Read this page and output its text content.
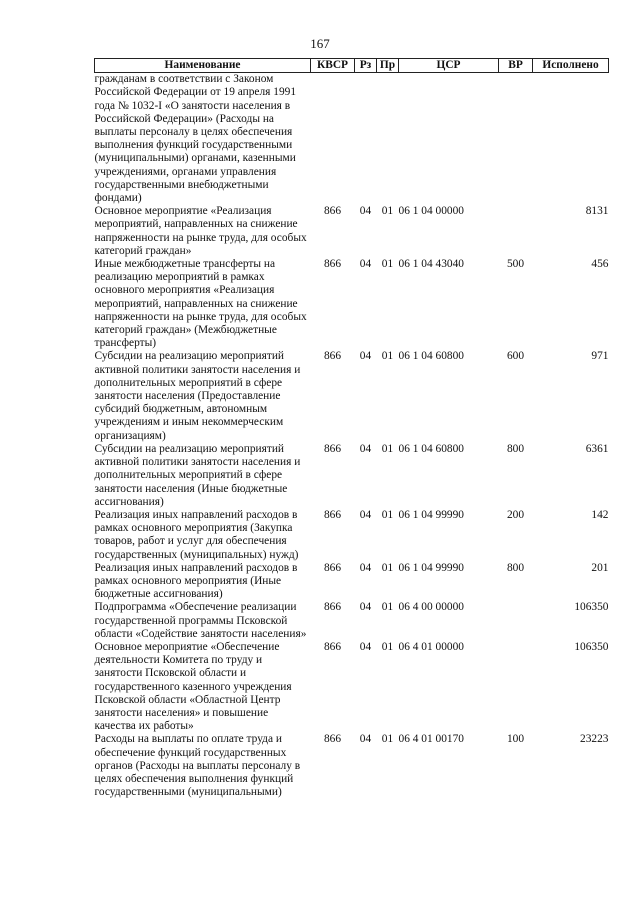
167
Наименование	КВСР	Рз	Пр	ЦСР	ВР	Исполнено
гражданам в соответствии с Законом Российской Федерации от 19 апреля 1991 года № 1032-I «О занятости населения в Российской Федерации» (Расходы на выплаты персоналу в целях обеспечения выполнения функций государственными (муниципальными) органами, казенными учреждениями, органами управления государственными внебюджетными фондами)						
Основное мероприятие «Реализация мероприятий, направленных на снижение напряженности на рынке труда, для особых категорий граждан»	866	04	01	06 1 04 00000		8131
Иные межбюджетные трансферты на реализацию мероприятий в рамках основного мероприятия «Реализация мероприятий, направленных на снижение напряженности на рынке труда, для особых категорий граждан» (Межбюджетные трансферты)	866	04	01	06 1 04 43040	500	456
Субсидии на реализацию мероприятий активной политики занятости населения и дополнительных мероприятий в сфере занятости населения (Предоставление субсидий бюджетным, автономным учреждениям и иным некоммерческим организациям)	866	04	01	06 1 04 60800	600	971
Субсидии на реализацию мероприятий активной политики занятости населения и дополнительных мероприятий в сфере занятости населения (Иные бюджетные ассигнования)	866	04	01	06 1 04 60800	800	6361
Реализация иных направлений расходов в рамках основного мероприятия (Закупка товаров, работ и услуг для обеспечения государственных (муниципальных) нужд)	866	04	01	06 1 04 99990	200	142
Реализация иных направлений расходов в рамках основного мероприятия (Иные бюджетные ассигнования)	866	04	01	06 1 04 99990	800	201
Подпрограмма «Обеспечение реализации государственной программы Псковской области «Содействие занятости населения»	866	04	01	06 4 00 00000		106350
Основное мероприятие «Обеспечение деятельности Комитета по труду и занятости Псковской области и государственного казенного учреждения Псковской области «Областной Центр занятости населения» и повышение качества их работы»	866	04	01	06 4 01 00000		106350
Расходы на выплаты по оплате труда и обеспечение функций государственных органов (Расходы на выплаты персоналу в целях обеспечения выполнения функций государственными (муниципальными)	866	04	01	06 4 01 00170	100	23223
